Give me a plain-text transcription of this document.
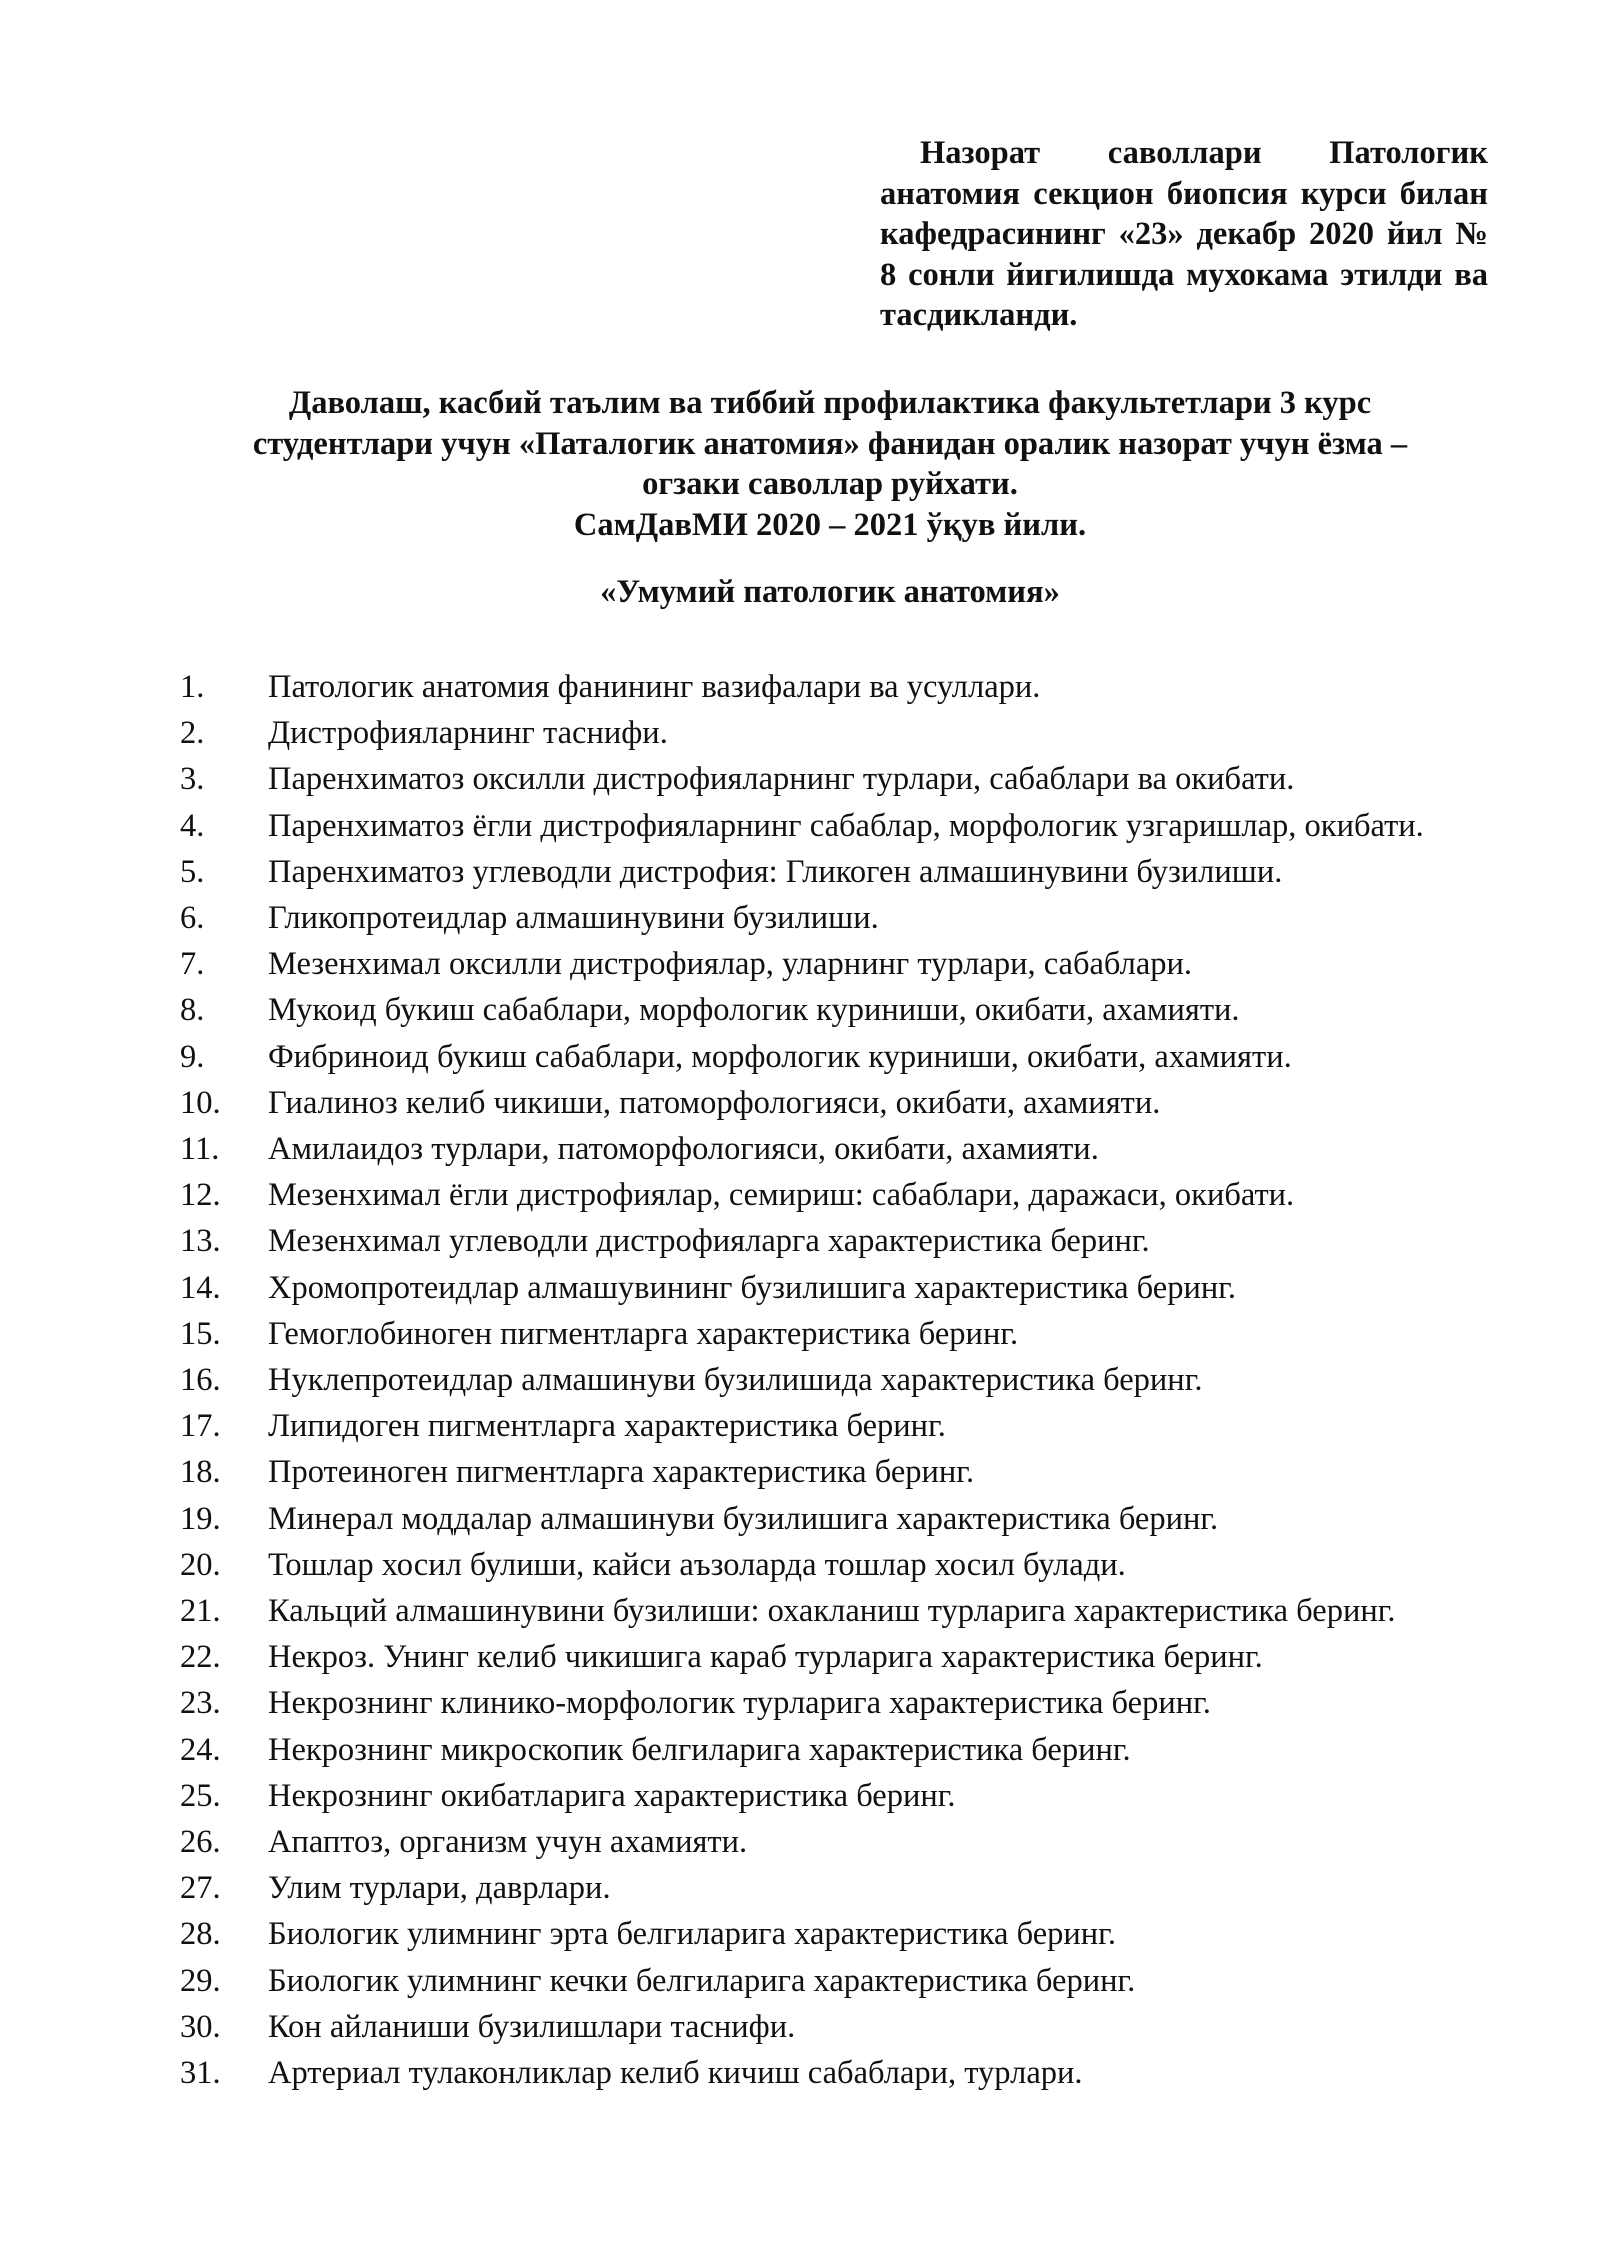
Назорат саволлари Патологик анатомия секцион биопсия курси билан кафедрасининг «23» декабр 2020 йил № 8 сонли йигилишда мухокама этилди ва тасдикланди.
Даволаш, касбий таълим ва тиббий профилактика факультетлари 3 курс
студентлари учун «Паталогик анатомия» фанидан оралик назорат учун ёзма –
огзаки саволлар руйхати.
СамДавМИ 2020 – 2021 ўқув йили.
«Умумий патологик анатомия»
1.	Патологик анатомия фанининг вазифалари ва усуллари.
2.	Дистрофияларнинг таснифи.
3.	Паренхиматоз оксилли дистрофияларнинг турлари, сабаблари ва окибати.
4.	Паренхиматоз ёгли дистрофияларнинг сабаблар, морфологик узгаришлар, окибати.
5.	Паренхиматоз углеводли дистрофия: Гликоген алмашинувини бузилиши.
6.	Гликопротеидлар алмашинувини бузилиши.
7.	Мезенхимал оксилли дистрофиялар, уларнинг турлари, сабаблари.
8.	Мукоид букиш сабаблари, морфологик куриниши, окибати, ахамияти.
9.	Фибриноид букиш сабаблари, морфологик куриниши, окибати, ахамияти.
10.	Гиалиноз келиб чикиши, патоморфологияси, окибати, ахамияти.
11.	Амилаидоз турлари, патоморфологияси, окибати, ахамияти.
12.	Мезенхимал ёгли дистрофиялар, семириш: сабаблари, даражаси, окибати.
13.	Мезенхимал углеводли дистрофияларга характеристика беринг.
14.	Хромопротеидлар алмашувининг бузилишига характеристика беринг.
15.	Гемоглобиноген пигментларга характеристика беринг.
16.	Нуклепротеидлар алмашинуви бузилишида характеристика беринг.
17.	Липидоген пигментларга характеристика беринг.
18.	Протеиноген пигментларга характеристика беринг.
19.	Минерал моддалар алмашинуви бузилишига характеристика беринг.
20.	Тошлар хосил булиши, кайси аъзоларда тошлар хосил булади.
21.	Кальций алмашинувини бузилиши: охакланиш турларига характеристика беринг.
22.	Некроз. Унинг келиб чикишига караб турларига характеристика беринг.
23.	Некрознинг клинико-морфологик турларига характеристика беринг.
24.	Некрознинг микроскопик белгиларига характеристика беринг.
25.	Некрознинг окибатларига характеристика беринг.
26.	Апаптоз, организм учун ахамияти.
27.	Улим турлари, даврлари.
28.	Биологик улимнинг эрта белгиларига характеристика беринг.
29.	Биологик улимнинг кечки белгиларига характеристика беринг.
30.	Кон айланиши бузилишлари таснифи.
31.	Артериал тулаконликлар келиб кичиш сабаблари, турлари.
